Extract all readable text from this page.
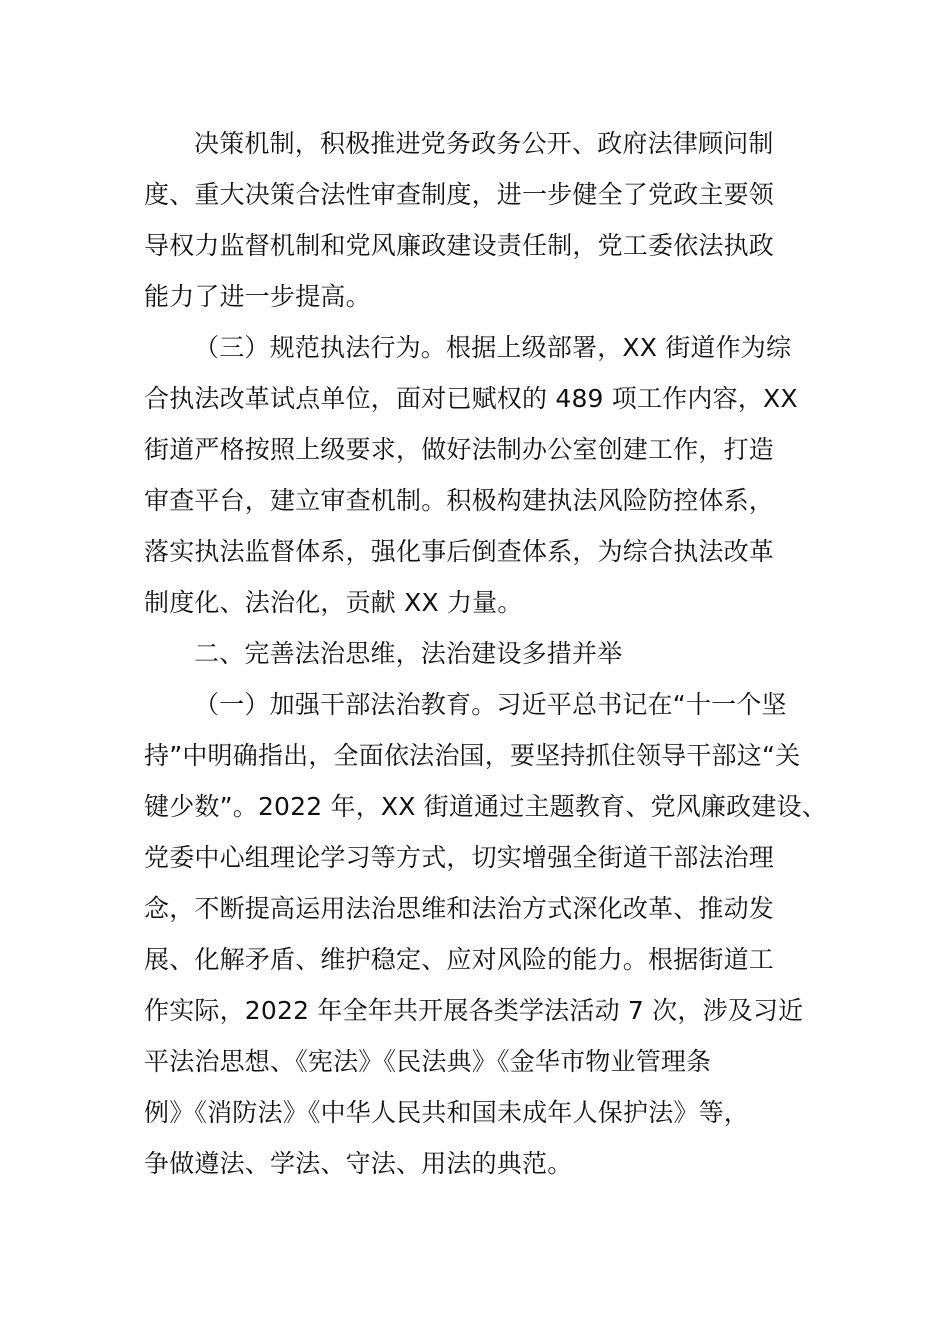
决策机制，积极推进党务政务公开、政府法律顾问制
度、重大决策合法性审查制度，进一步健全了党政主要领
导权力监督机制和党风廉政建设责任制，党工委依法执政
能力了进一步提高。
（三）规范执法行为。根据上级部署，XX 街道作为综
合执法改革试点单位，面对已赋权的 489 项工作内容，XX
街道严格按照上级要求，做好法制办公室创建工作，打造
审查平台，建立审查机制。积极构建执法风险防控体系，
落实执法监督体系，强化事后倒查体系，为综合执法改革
制度化、法治化，贡献 XX 力量。
二、完善法治思维，法治建设多措并举
（一）加强干部法治教育。习近平总书记在“十一个坚
持”中明确指出，全面依法治国，要坚持抓住领导干部这“关
键少数”。2022 年，XX 街道通过主题教育、党风廉政建设、
党委中心组理论学习等方式，切实增强全街道干部法治理
念，不断提高运用法治思维和法治方式深化改革、推动发
展、化解矛盾、维护稳定、应对风险的能力。根据街道工
作实际，2022 年全年共开展各类学法活动 7 次，涉及习近
平法治思想、《宪法》《民法典》《金华市物业管理条
例》《消防法》《中华人民共和国未成年人保护法》等，
争做遵法、学法、守法、用法的典范。
